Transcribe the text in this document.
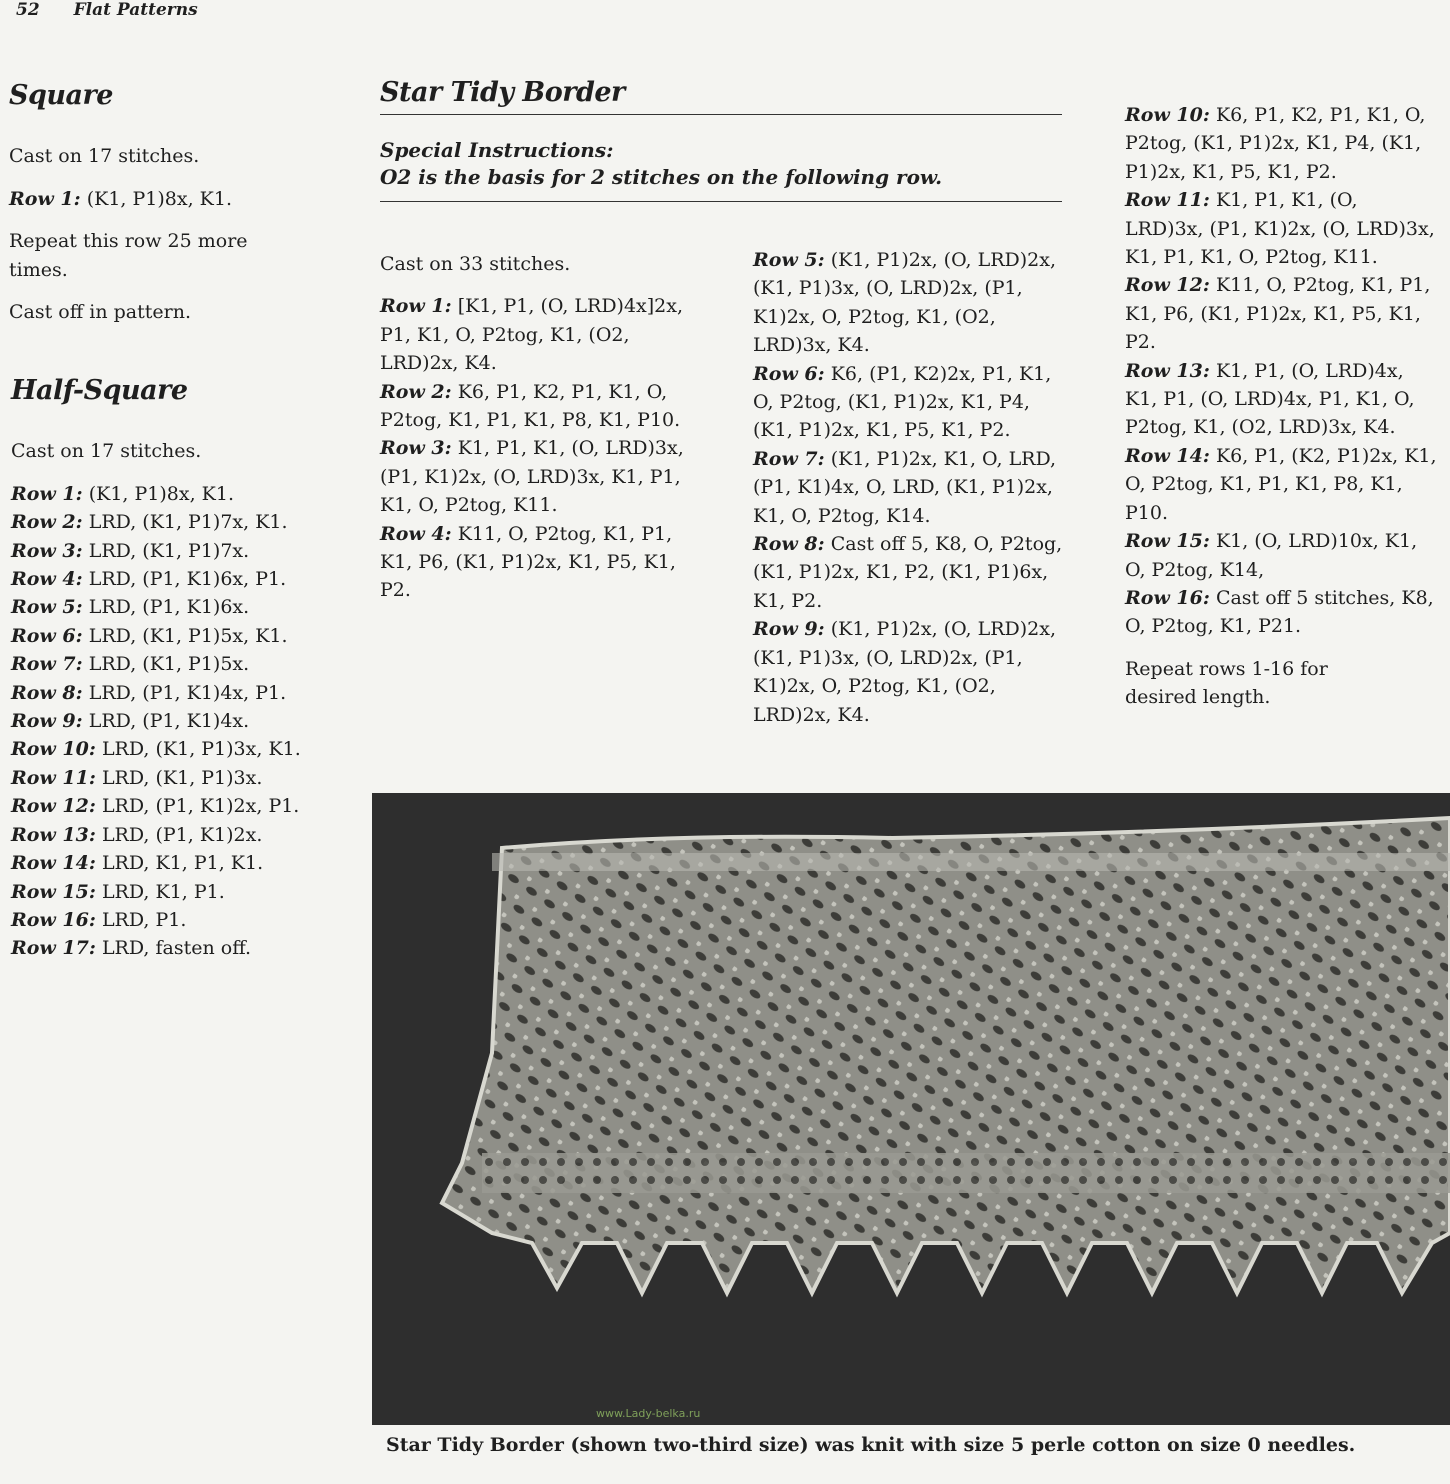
52 Flat Patterns
Square

Cast on 17 stitches.

Row 1: (K1, P1)8x, K1.

Repeat this row 25 more times.

Cast off in pattern.

Half-Square

Cast on 17 stitches.

Row 1: (K1, P1)8x, K1.

Row 2: LRD, (K1, P1)7x, K1.

Row 3: LRD, (K1, P1)7x.

Row 4: LRD, (P1, K1)6x, P1.

Row 5: LRD, (P1, K1)6x.

Row 6: LRD, (K1, P1)5x, K1.

Row 7: LRD, (K1, P1)5x.

Row 8: LRD, (P1, K1)4x, P1.

Row 9: LRD, (P1, K1)4x.

Row 10: LRD, (K1, P1)3x, K1.

Row 11: LRD, (K1, P1)3x.

Row 12: LRD, (P1, K1)2x, P1.

Row 13: LRD, (P1, K1)2x.

Row 14: LRD, K1, P1, K1.

Row 15: LRD, K1, P1.

Row 16: LRD, P1.

Row 17: LRD, fasten off.

Star Tidy Border
Special Instructions:
O2 is the basis for 2 stitches on the following row.

Cast on 33 stitches.

Row 1: [K1, P1, (O, LRD)4x]2x, P1, K1, O, P2tog, K1, (O2, LRD)2x, K4.

Row 2: K6, P1, K2, P1, K1, O, P2tog, K1, P1, K1, P8, K1, P10.

Row 3: K1, P1, K1, (O, LRD)3x, (P1, K1)2x, (O, LRD)3x, K1, P1, K1, O, P2tog, K11.

Row 4: K11, O, P2tog, K1, P1, K1, P6, (K1, P1)2x, K1, P5, K1, P2.

Row 5: (K1, P1)2x, (O, LRD)2x, (K1, P1)3x, (O, LRD)2x, (P1, K1)2x, O, P2tog, K1, (O2, LRD)3x, K4.

Row 6: K6, (P1, K2)2x, P1, K1, O, P2tog, (K1, P1)2x, K1, P4, (K1, P1)2x, K1, P5, K1, P2.

Row 7: (K1, P1)2x, K1, O, LRD, (P1, K1)4x, O, LRD, (K1, P1)2x, K1, O, P2tog, K14.

Row 8: Cast off 5, K8, O, P2tog, (K1, P1)2x, K1, P2, (K1, P1)6x, K1, P2.

Row 9: (K1, P1)2x, (O, LRD)2x, (K1, P1)3x, (O, LRD)2x, (P1, K1)2x, O, P2tog, K1, (O2, LRD)2x, K4.

Row 10: K6, P1, K2, P1, K1, O, P2tog, (K1, P1)2x, K1, P4, (K1, P1)2x, K1, P5, K1, P2.

Row 11: K1, P1, K1, (O, LRD)3x, (P1, K1)2x, (O, LRD)3x, K1, P1, K1, O, P2tog, K11.

Row 12: K11, O, P2tog, K1, P1, K1, P6, (K1, P1)2x, K1, P5, K1, P2.

Row 13: K1, P1, (O, LRD)4x, K1, P1, (O, LRD)4x, P1, K1, O, P2tog, K1, (O2, LRD)3x, K4.

Row 14: K6, P1, (K2, P1)2x, K1, O, P2tog, K1, P1, K1, P8, K1, P10.

Row 15: K1, (O, LRD)10x, K1, O, P2tog, K14,

Row 16: Cast off 5 stitches, K8, O, P2tog, K1, P21.

Repeat rows 1-16 for desired length.

www.Lady-belka.ru
Star Tidy Border (shown two-third size) was knit with size 5 perle cotton on size 0 needles.
